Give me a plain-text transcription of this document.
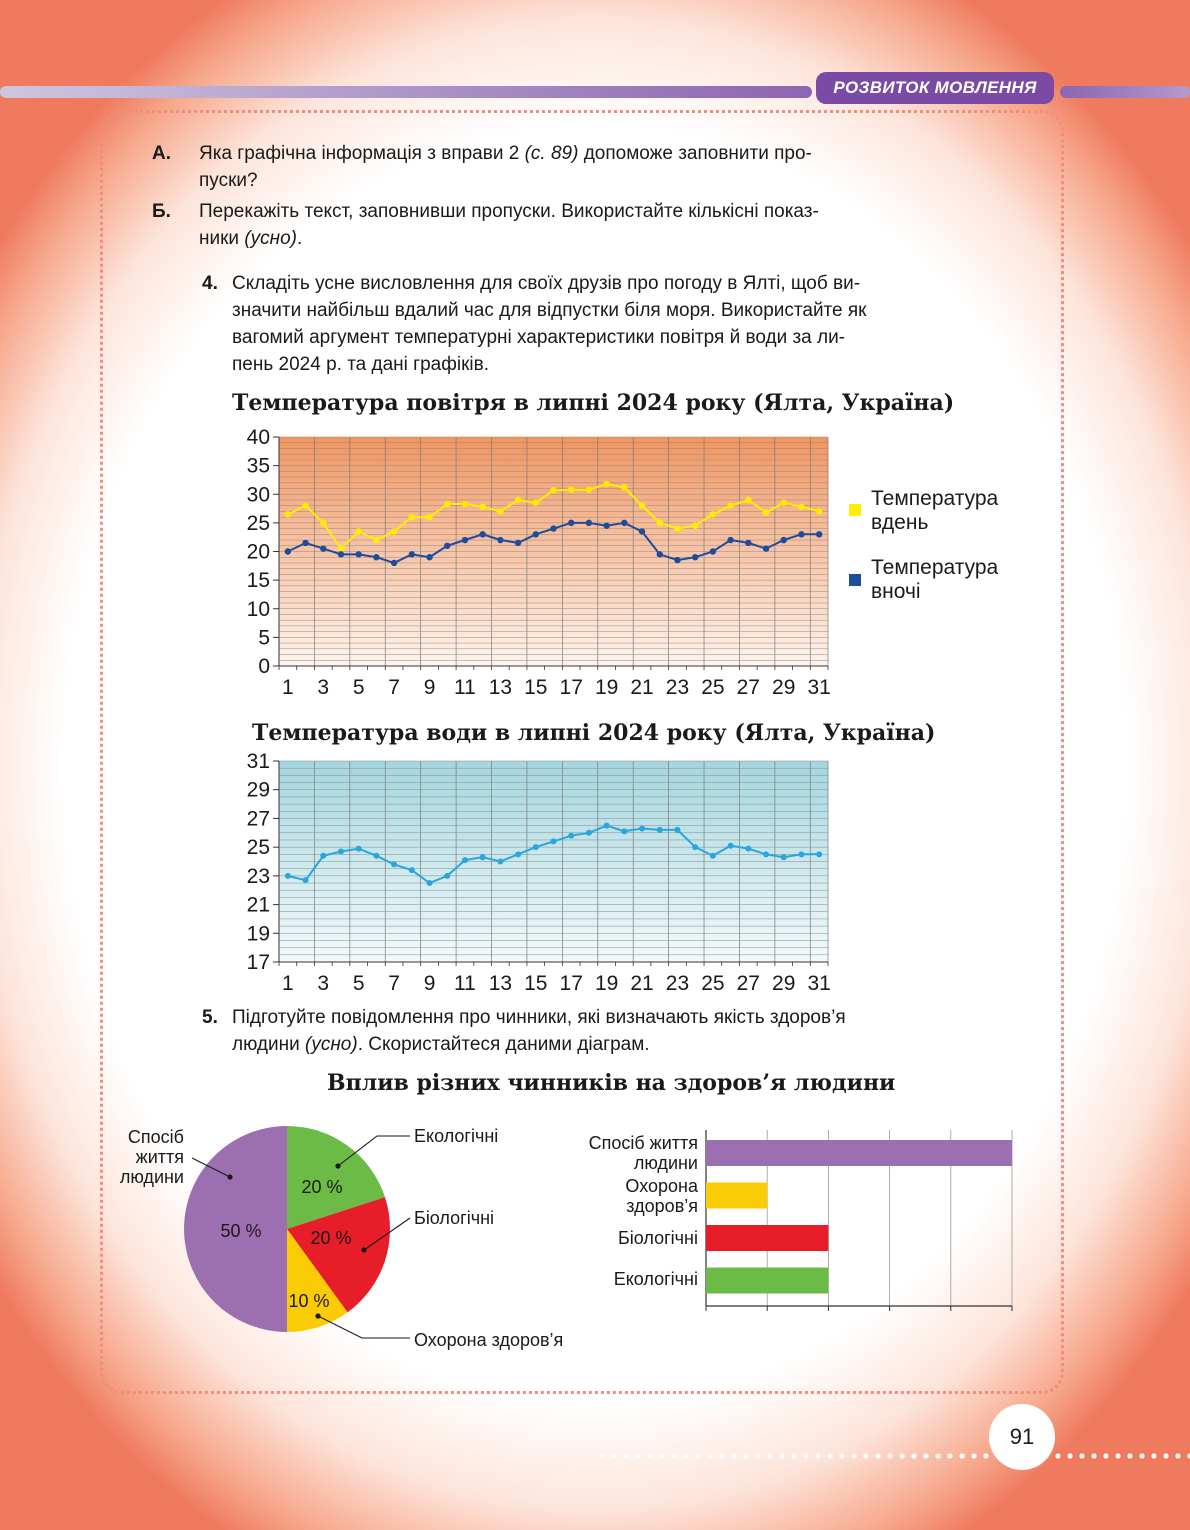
РОЗВИТОК МОВЛЕННЯ
А. Яка графічна інформація з вправи 2 (с. 89) допоможе заповнити про-
пуски?
Б. Перекажіть текст, заповнивши пропуски. Використайте кількісні показ-
ники (усно).
4. Складіть усне висловлення для своїх друзів про погоду в Ялті, щоб ви-
значити найбільш вдалий час для відпустки біля моря. Використайте як
вагомий аргумент температурні характеристики повітря й води за ли-
пень 2024 р. та дані графіків.
Температура повітря в липні 2024 року (Ялта, Україна)
0
5
10
15
20
25
30
35
40
1 3 5 7 9 11 13 15 17 19 21 23 25 27 29 31
Температура
вдень
Температура
вночі
Температура води в липні 2024 року (Ялта, Україна)
17
19
21
23
25
27
29
31
1 3 5 7 9 11 13 15 17 19 21 23 25 27 29 31
5. Підготуйте повідомлення про чинники, які визначають якість здоров’я
людини (усно). Скористайтеся даними діаграм.
Вплив різних чинників на здоров’я людини
50 %
20 %
20 %
10 %
Спосіб
життя
людини
Екологічні
Біологічні
Охорона здоров’я
Спосіб життя
людини
Охорона
здоров’я
Біологічні
Екологічні
91
